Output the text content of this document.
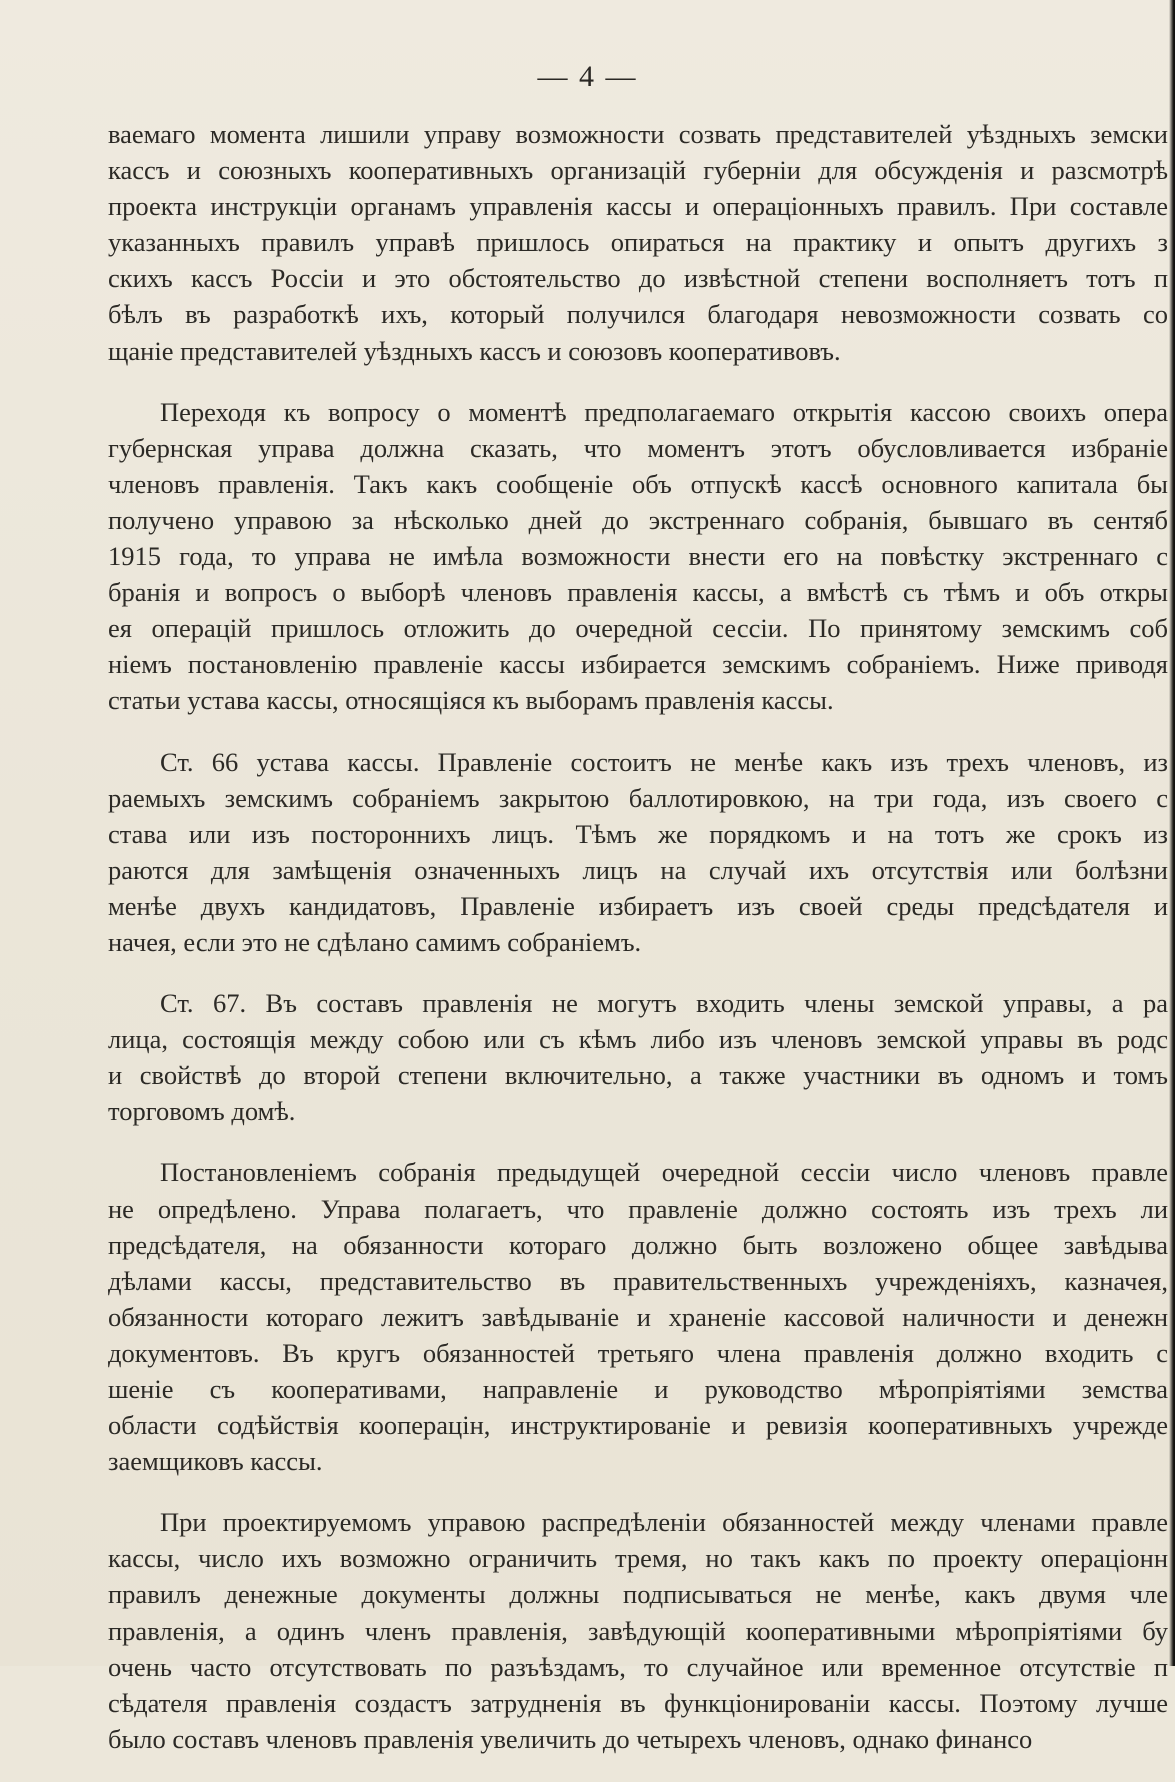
— 4 —
ваемаго момента лишили управу возможности созвать представителей уѣздныхъ земски
кассъ и союзныхъ кооперативныхъ организацій губерніи для обсужденія и разсмотрѣ
проекта инструкціи органамъ управленія кассы и операціонныхъ правилъ. При составле
указанныхъ правилъ управѣ пришлось опираться на практику и опытъ другихъ з
скихъ кассъ Россіи и это обстоятельство до извѣстной степени восполняетъ тотъ п
бѣлъ въ разработкѣ ихъ, который получился благодаря невозможности созвать со
щаніе представителей уѣздныхъ кассъ и союзовъ кооперативовъ.
Переходя къ вопросу о моментѣ предполагаемаго открытія кассою своихъ опера
губернская управа должна сказать, что моментъ этотъ обусловливается избраніе
членовъ правленія. Такъ какъ сообщеніе объ отпускѣ кассѣ основного капитала бы
получено управою за нѣсколько дней до экстреннаго собранія, бывшаго въ сентяб
1915 года, то управа не имѣла возможности внести его на повѣстку экстреннаго с
бранія и вопросъ о выборѣ членовъ правленія кассы, а вмѣстѣ съ тѣмъ и объ откры
ея операцій пришлось отложить до очередной сессіи. По принятому земскимъ соб
ніемъ постановленію правленіе кассы избирается земскимъ собраніемъ. Ниже приводя
статьи устава кассы, относящіяся къ выборамъ правленія кассы.
Ст. 66 устава кассы. Правленіе состоитъ не менѣе какъ изъ трехъ членовъ, из
раемыхъ земскимъ собраніемъ закрытою баллотировкою, на три года, изъ своего с
става или изъ постороннихъ лицъ. Тѣмъ же порядкомъ и на тотъ же срокъ из
раются для замѣщенія означенныхъ лицъ на случай ихъ отсутствія или болѣзни
менѣе двухъ кандидатовъ, Правленіе избираетъ изъ своей среды предсѣдателя и
начея, если это не сдѣлано самимъ собраніемъ.
Ст. 67. Въ составъ правленія не могутъ входить члены земской управы, а ра
лица, состоящія между собою или съ кѣмъ либо изъ членовъ земской управы въ родс
и свойствѣ до второй степени включительно, а также участники въ одномъ и томъ
торговомъ домѣ.
Постановленіемъ собранія предыдущей очередной сессіи число членовъ правле
не опредѣлено. Управа полагаетъ, что правленіе должно состоять изъ трехъ ли
предсѣдателя, на обязанности котораго должно быть возложено общее завѣдыва
дѣлами кассы, представительство въ правительственныхъ учрежденіяхъ, казначея,
обязанности котораго лежитъ завѣдываніе и храненіе кассовой наличности и денежн
документовъ. Въ кругъ обязанностей третьяго члена правленія должно входить с
шеніе съ кооперативами, направленіе и руководство мѣропріятіями земства
области содѣйствія кооперацін, инструктированіе и ревизія кооперативныхъ учрежде
заемщиковъ кассы.
При проектируемомъ управою распредѣленіи обязанностей между членами правле
кассы, число ихъ возможно ограничить тремя, но такъ какъ по проекту операціонн
правилъ денежные документы должны подписываться не менѣе, какъ двумя чле
правленія, а одинъ членъ правленія, завѣдующій кооперативными мѣропріятіями бу
очень часто отсутствовать по разъѣздамъ, то случайное или временное отсутствіе п
сѣдателя правленія создастъ затрудненія въ функціонированіи кассы. Поэтому лучше
было составъ членовъ правленія увеличить до четырехъ членовъ, однако финансо
